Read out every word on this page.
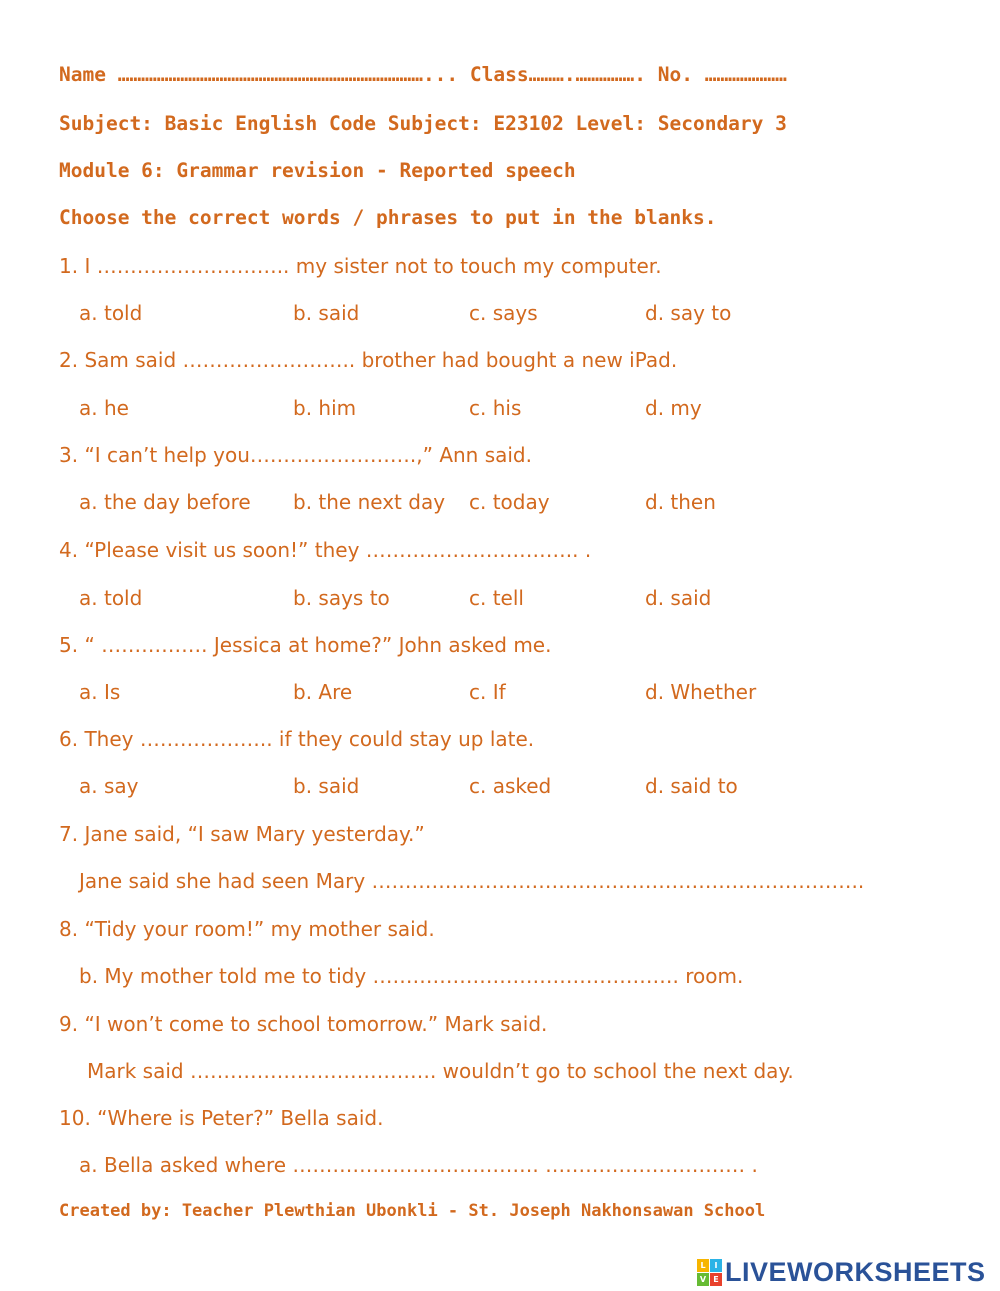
Name ……………………………………………………………………... Class……….……………. No. …………………
Subject: Basic English Code Subject: E23102 Level: Secondary 3
Module 6: Grammar revision - Reported speech
Choose the correct words / phrases to put in the blanks.
1. I ……………………….. my sister not to touch my computer.
a. told	b. said	c. says	d. say to
2. Sam said …………………….. brother had bought a new iPad.
a. he	b. him	c. his	d. my
3. “I can’t help you…………………….,” Ann said.
a. the day before b. the next day c. today	d. then
4. “Please visit us soon!” they ………………………….. .
a. told	b. says to	c. tell	d. said
5. “ ……………. Jessica at home?” John asked me.
a. Is	b. Are	c. If	d. Whether
6. They ……………….. if they could stay up late.
a. say	b. said	c. asked	d. said to
7. Jane said, “I saw Mary yesterday.”
Jane said she had seen Mary ………………………………………………………………..
8. “Tidy your room!” my mother said.
b. My mother told me to tidy ………………………………………. room.
9. “I won’t come to school tomorrow.” Mark said.
Mark said ………………………………. wouldn’t go to school the next day.
10. “Where is Peter?” Bella said.
a. Bella asked where ………………………………. ………………………… .
Created by: Teacher Plewthian Ubonkli - St. Joseph Nakhonsawan School
L	I
V E LIVEWORKSHEETS
